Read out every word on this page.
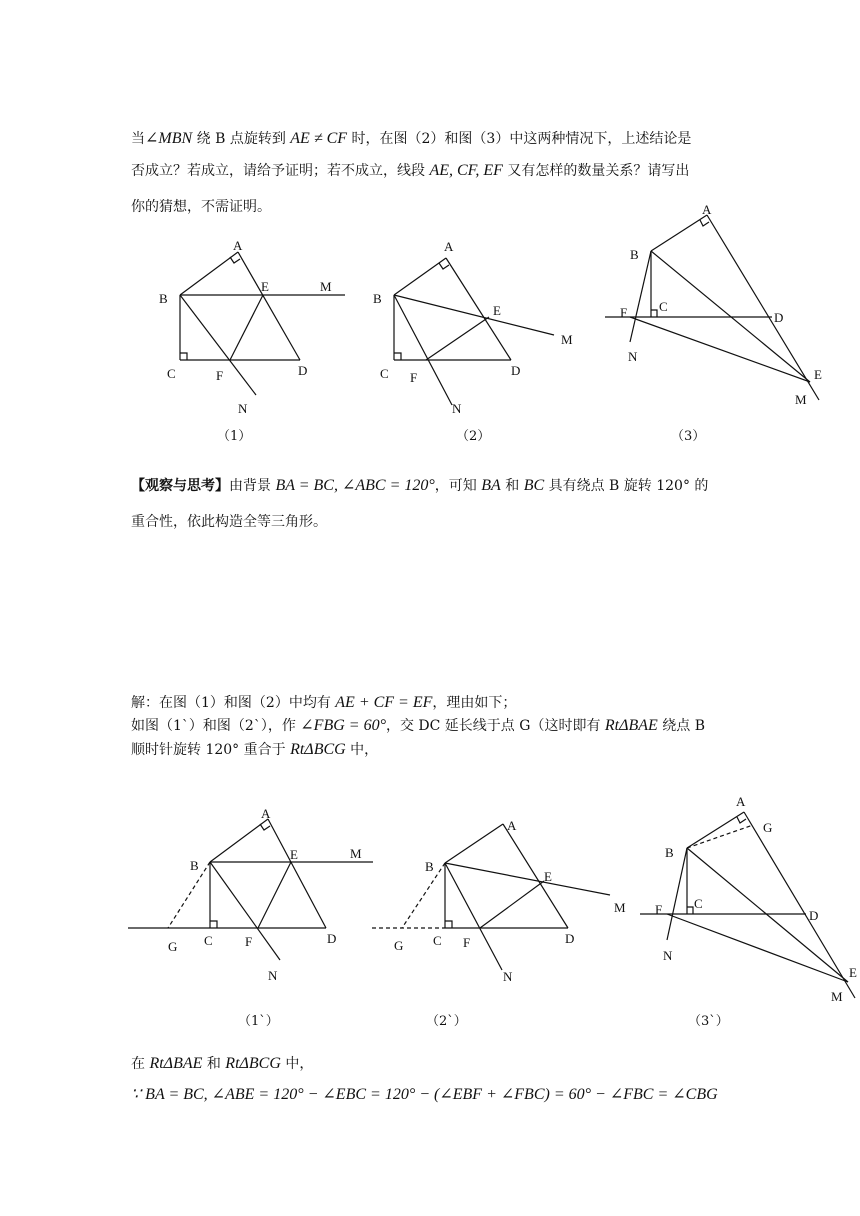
当∠MBN 绕 B 点旋转到 AE ≠ CF 时，在图（2）和图（3）中这两种情况下，上述结论是
否成立？若成立，请给予证明；若不成立，线段 AE, CF, EF 又有怎样的数量关系？请写出
你的猜想，不需证明。
A
B
E	M
C	F	D
N
（1）
A
B
E
M
C F	D
N
（2）
A
B
C
F	D
N
E
M
（3）
【观察与思考】由背景 BA = BC, ∠ABC = 120°，可知 BA 和 BC 具有绕点 B 旋转 120° 的
重合性，依此构造全等三角形。
解：在图（1）和图（2）中均有 AE + CF = EF，理由如下；
如图（1`）和图（2`），作 ∠FBG = 60°，交 DC 延长线于点 G（这时即有 RtΔBAE 绕点 B
顺时针旋转 120° 重合于 RtΔBCG 中，
A
B
E	M
C F	D
G
N
（1`）
A
B
E
M
C F	D
G
N
（2`）
A
G
B
C
F	D
N
E
M
（3`）
在 RtΔBAE 和 RtΔBCG 中，
∵ BA = BC, ∠ABE = 120° − ∠EBC = 120° − (∠EBF + ∠FBC) = 60° − ∠FBC = ∠CBG
